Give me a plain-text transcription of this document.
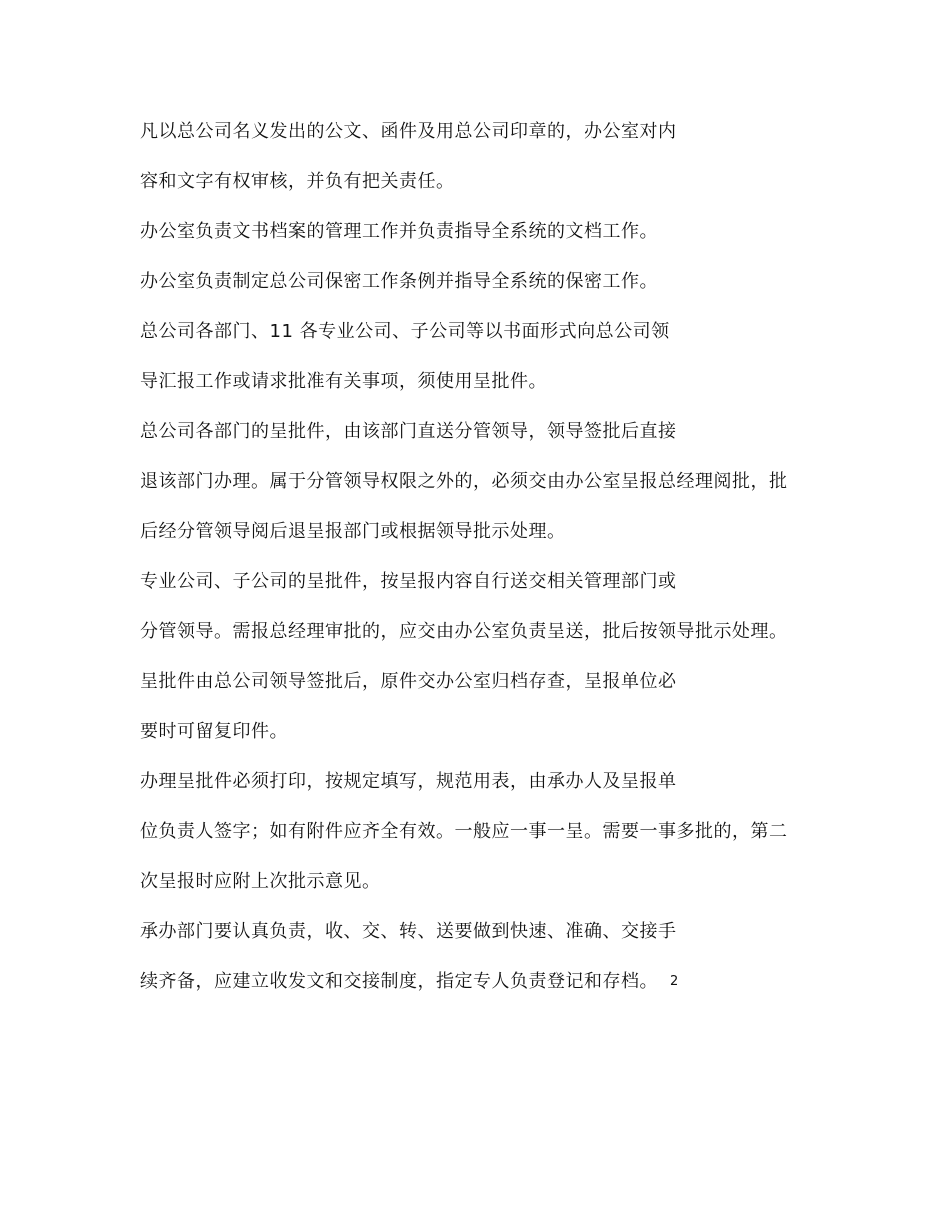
凡以总公司名义发出的公文、函件及用总公司印章的，办公室对内

容和文字有权审核，并负有把关责任。

办公室负责文书档案的管理工作并负责指导全系统的文档工作。

办公室负责制定总公司保密工作条例并指导全系统的保密工作。

总公司各部门、11 各专业公司、子公司等以书面形式向总公司领

导汇报工作或请求批准有关事项，须使用呈批件。

总公司各部门的呈批件，由该部门直送分管领导，领导签批后直接

退该部门办理。属于分管领导权限之外的，必须交由办公室呈报总经理阅批，批

后经分管领导阅后退呈报部门或根据领导批示处理。

专业公司、子公司的呈批件，按呈报内容自行送交相关管理部门或

分管领导。需报总经理审批的，应交由办公室负责呈送，批后按领导批示处理。

呈批件由总公司领导签批后，原件交办公室归档存查，呈报单位必

要时可留复印件。

办理呈批件必须打印，按规定填写，规范用表，由承办人及呈报单

位负责人签字；如有附件应齐全有效。一般应一事一呈。需要一事多批的，第二

次呈报时应附上次批示意见。

承办部门要认真负责，收、交、转、送要做到快速、准确、交接手

续齐备，应建立收发文和交接制度，指定专人负责登记和存档。 2
